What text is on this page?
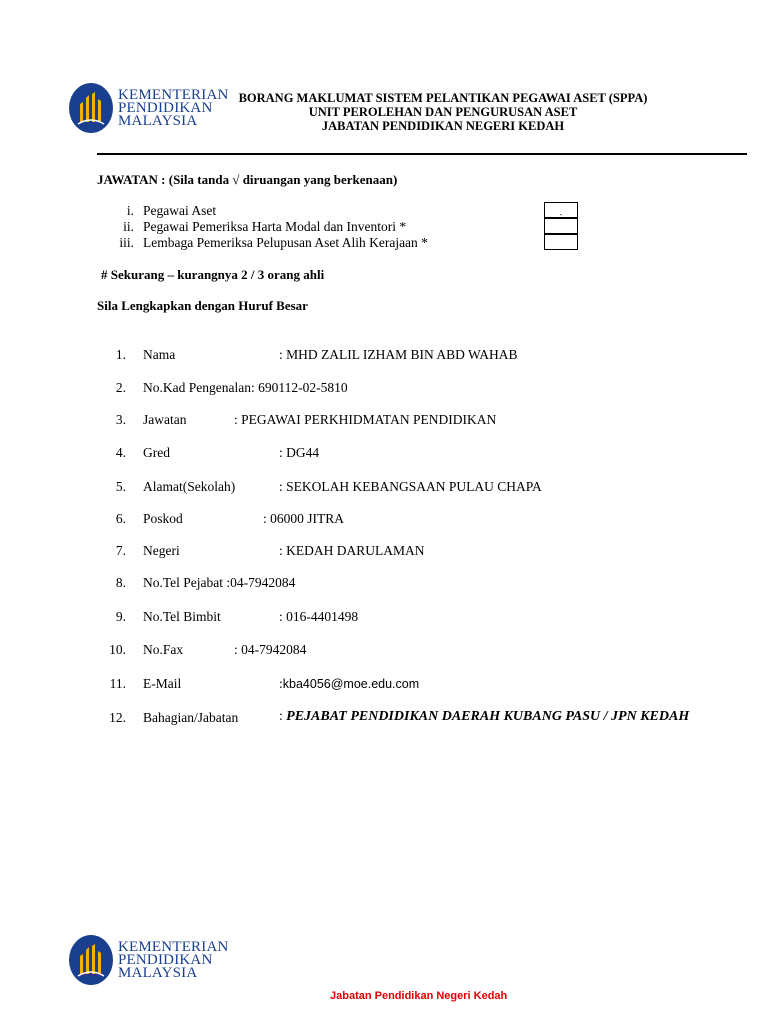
KEMENTERIAN
PENDIDIKAN
MALAYSIA
BORANG MAKLUMAT SISTEM PELANTIKAN PEGAWAI ASET (SPPA)
UNIT PEROLEHAN DAN PENGURUSAN ASET
JABATAN PENDIDIKAN NEGERI KEDAH
JAWATAN : (Sila tanda √ diruangan yang berkenaan)
i. Pegawai Aset
ii. Pegawai Pemeriksa Harta Modal dan Inventori *
iii. Lembaga Pemeriksa Pelupusan Aset Alih Kerajaan *
ˏ
# Sekurang – kurangnya 2 / 3 orang ahli
Sila Lengkapkan dengan Huruf Besar
1. Nama	: MHD ZALIL IZHAM BIN ABD WAHAB
2. No.Kad Pengenalan: 690112-02-5810
3. Jawatan	: PEGAWAI PERKHIDMATAN PENDIDIKAN
4. Gred	: DG44
5. Alamat(Sekolah)	: SEKOLAH KEBANGSAAN PULAU CHAPA
6. Poskod	: 06000 JITRA
7. Negeri	: KEDAH DARULAMAN
8. No.Tel Pejabat :04-7942084
9. No.Tel Bimbit	: 016-4401498
10. No.Fax	: 04-7942084
11. E-Mail	:kba4056@moe.edu.com
12. Bahagian/Jabatan	: PEJABAT PENDIDIKAN DAERAH KUBANG PASU / JPN KEDAH
KEMENTERIAN
PENDIDIKAN
MALAYSIA
Jabatan Pendidikan Negeri Kedah
